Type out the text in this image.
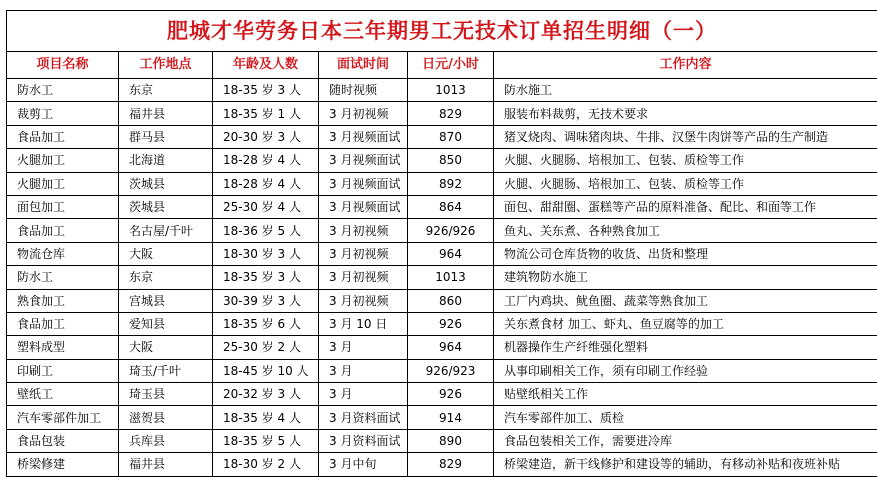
肥城才华劳务日本三年期男工无技术订单招生明细（一）					
项目名称	工作地点	年龄及人数	面试时间	日元/小时	工作内容
防水工	东京	18-35 岁 3 人	随时视频	1013	防水施工
裁剪工	福井县	18-35 岁 1 人	3 月初视频	829	服装布料裁剪，无技术要求
食品加工	群马县	20-30 岁 3 人	3 月视频面试	870	猪叉烧肉、调味猪肉块、牛排、汉堡牛肉饼等产品的生产制造
火腿加工	北海道	18-28 岁 4 人	3 月视频面试	850	火腿、火腿肠、培根加工、包装、质检等工作
火腿加工	茨城县	18-28 岁 4 人	3 月视频面试	892	火腿、火腿肠、培根加工、包装、质检等工作
面包加工	茨城县	25-30 岁 4 人	3 月视频面试	864	面包、甜甜圈、蛋糕等产品的原料准备、配比、和面等工作
食品加工	名古屋/千叶	18-36 岁 5 人	3 月初视频	926/926	鱼丸、关东煮、各种熟食加工
物流仓库	大阪	18-30 岁 3 人	3 月初视频	964	物流公司仓库货物的收货、出货和整理
防水工	东京	18-35 岁 3 人	3 月初视频	1013	建筑物防水施工
熟食加工	宫城县	30-39 岁 3 人	3 月初视频	860	工厂内鸡块、鱿鱼圈、蔬菜等熟食加工
食品加工	爱知县	18-35 岁 6 人	3 月 10 日	926	关东煮食材 加工、虾丸、鱼豆腐等的加工
塑料成型	大阪	25-30 岁 2 人	3 月	964	机器操作生产纤维强化塑料
印刷工	琦玉/千叶	18-45 岁 10 人	3 月	926/923	从事印刷相关工作，须有印刷工作经验
壁纸工	琦玉县	20-32 岁 3 人	3 月	926	贴壁纸相关工作
汽车零部件加工	滋贺县	18-35 岁 4 人	3 月资料面试	914	汽车零部件加工、质检
食品包装	兵库县	18-35 岁 5 人	3 月资料面试	890	食品包装相关工作，需要进冷库
桥梁修建	福井县	18-30 岁 2 人	3 月中旬	829	桥梁建造，新干线修护和建设等的辅助，有移动补贴和夜班补贴
